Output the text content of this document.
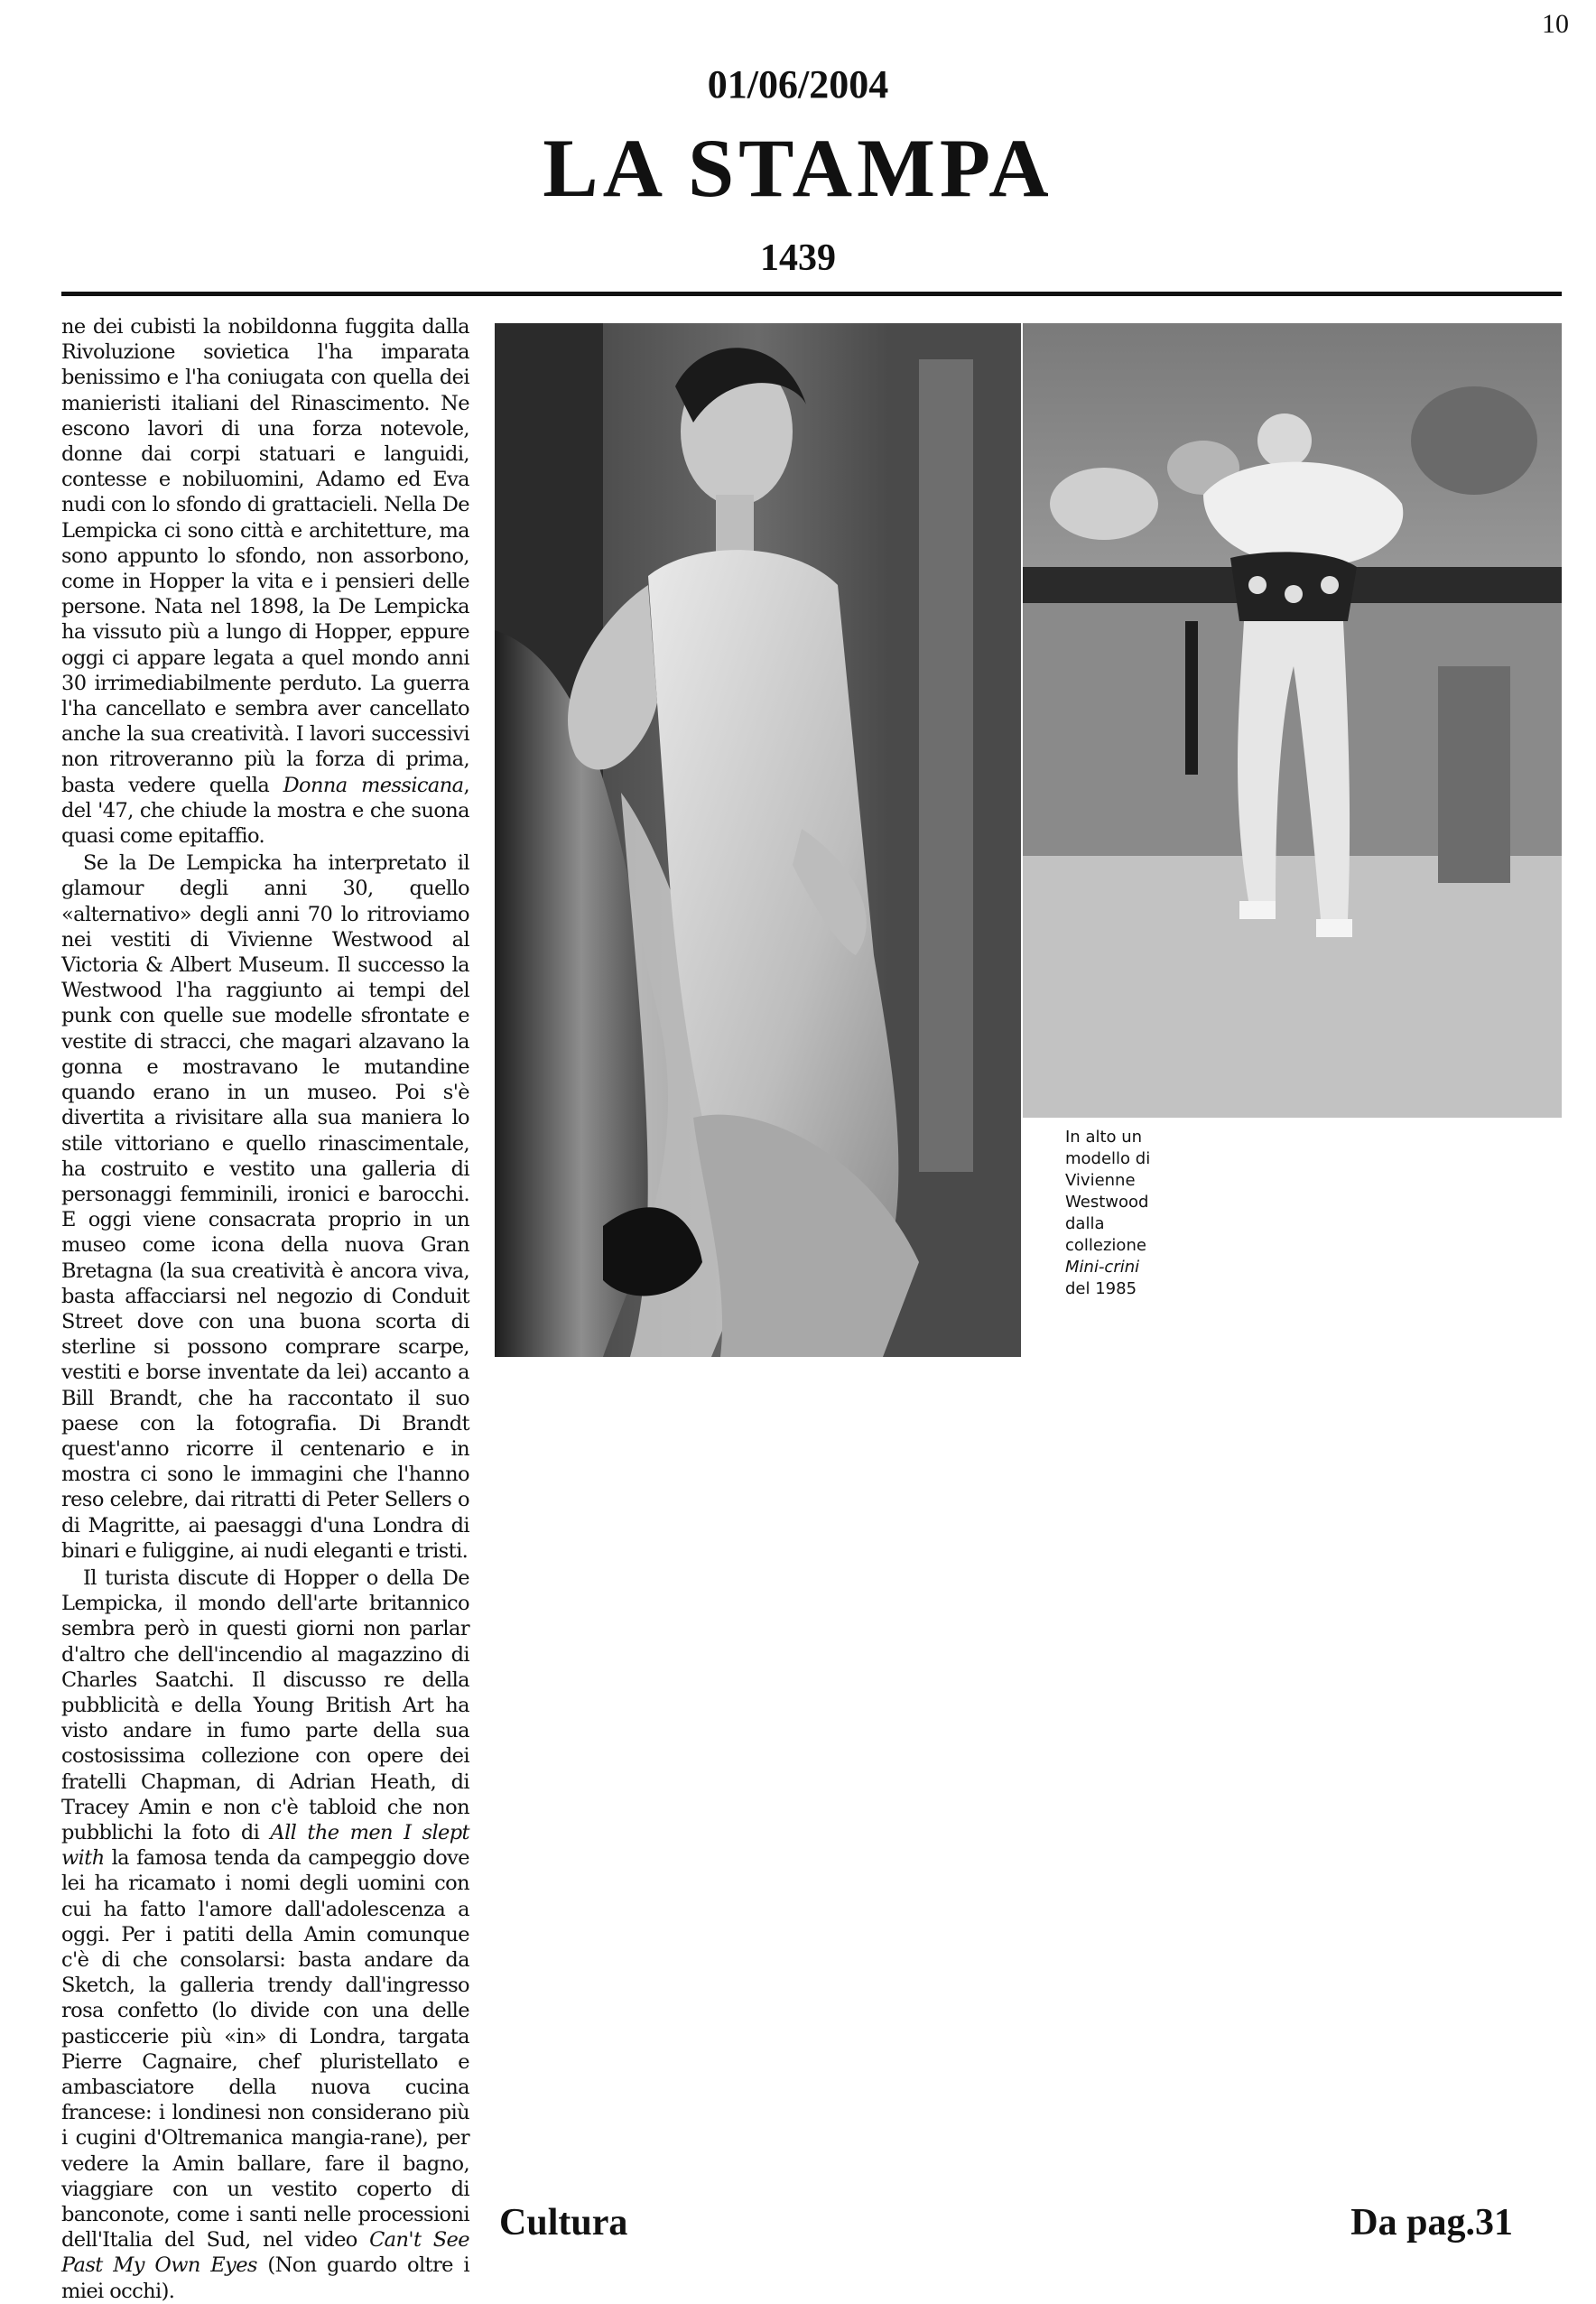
10
01/06/2004
LA STAMPA
1439

ne dei cubisti la nobildonna fuggita dalla Rivoluzione sovietica l'ha imparata benissimo e l'ha coniugata con quella dei manieristi italiani del Rinascimento. Ne escono lavori di una forza notevole, donne dai corpi statuari e languidi, contesse e nobiluomini, Adamo ed Eva nudi con lo sfondo di grattacieli. Nella De Lempicka ci sono città e architetture, ma sono appunto lo sfondo, non assorbono, come in Hopper la vita e i pensieri delle persone. Nata nel 1898, la De Lempicka ha vissuto più a lungo di Hopper, eppure oggi ci appare legata a quel mondo anni 30 irrimediabilmente perduto. La guerra l'ha cancellato e sembra aver cancellato anche la sua creatività. I lavori successivi non ritroveranno più la forza di prima, basta vedere quella Donna messicana, del '47, che chiude la mostra e che suona quasi come epitaffio.

Se la De Lempicka ha interpretato il glamour degli anni 30, quello «alternativo» degli anni 70 lo ritroviamo nei vestiti di Vivienne Westwood al Victoria & Albert Museum. Il successo la Westwood l'ha raggiunto ai tempi del punk con quelle sue modelle sfrontate e vestite di stracci, che magari alzavano la gonna e mostravano le mutandine quando erano in un museo. Poi s'è divertita a rivisitare alla sua maniera lo stile vittoriano e quello rinascimentale, ha costruito e vestito una galleria di personaggi femminili, ironici e barocchi. E oggi viene consacrata proprio in un museo come icona della nuova Gran Bretagna (la sua creatività è ancora viva, basta affacciarsi nel negozio di Conduit Street dove con una buona scorta di sterline si possono comprare scarpe, vestiti e borse inventate da lei) accanto a Bill Brandt, che ha raccontato il suo paese con la fotografia. Di Brandt quest'anno ricorre il centenario e in mostra ci sono le immagini che l'hanno reso celebre, dai ritratti di Peter Sellers o di Magritte, ai paesaggi d'una Londra di binari e fuliggine, ai nudi eleganti e tristi.

Il turista discute di Hopper o della De Lempicka, il mondo dell'arte britannico sembra però in questi giorni non parlar d'altro che dell'incendio al magazzino di Charles Saatchi. Il discusso re della pubblicità e della Young British Art ha visto andare in fumo parte della sua costosissima collezione con opere dei fratelli Chapman, di Adrian Heath, di Tracey Amin e non c'è tabloid che non pubblichi la foto di All the men I slept with la famosa tenda da campeggio dove lei ha ricamato i nomi degli uomini con cui ha fatto l'amore dall'adolescenza a oggi. Per i patiti della Amin comunque c'è di che consolarsi: basta andare da Sketch, la galleria trendy dall'ingresso rosa confetto (lo divide con una delle pasticcerie più «in» di Londra, targata Pierre Cagnaire, chef pluristellato e ambasciatore della nuova cucina francese: i londinesi non considerano più i cugini d'Oltremanica mangia-rane), per vedere la Amin ballare, fare il bagno, viaggiare con un vestito coperto di banconote, come i santi nelle processioni dell'Italia del Sud, nel video Can't See Past My Own Eyes (Non guardo oltre i miei occhi).

In alto un
modello di
Vivienne
Westwood
dalla
collezione
Mini-crini
del 1985
Cultura	Da pag.31
